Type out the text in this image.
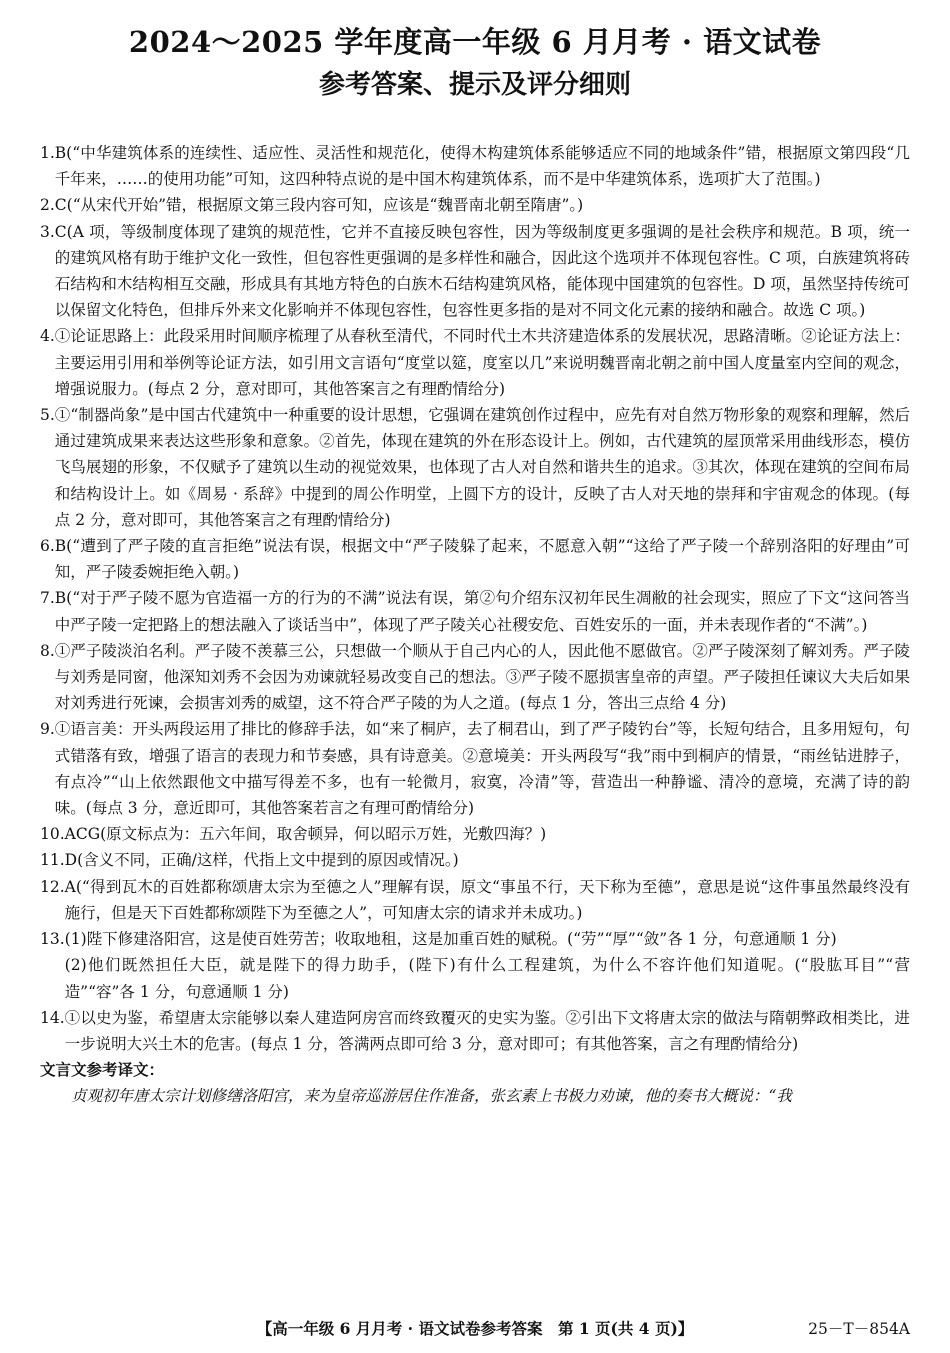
2024～2025 学年度高一年级 6 月月考 · 语文试卷
参考答案、提示及评分细则
1. B(“中华建筑体系的连续性、适应性、灵活性和规范化，使得木构建筑体系能够适应不同的地域条件”错，根据原文第四段“几千年来，……的使用功能”可知，这四种特点说的是中国木构建筑体系，而不是中华建筑体系，选项扩大了范围。)
2. C(“从宋代开始”错，根据原文第三段内容可知，应该是“魏晋南北朝至隋唐”。)
3. C(A 项，等级制度体现了建筑的规范性，它并不直接反映包容性，因为等级制度更多强调的是社会秩序和规范。B 项，统一的建筑风格有助于维护文化一致性，但包容性更强调的是多样性和融合，因此这个选项并不体现包容性。C 项，白族建筑将砖石结构和木结构相互交融，形成具有其地方特色的白族木石结构建筑风格，能体现中国建筑的包容性。D 项，虽然坚持传统可以保留文化特色，但排斥外来文化影响并不体现包容性，包容性更多指的是对不同文化元素的接纳和融合。故选 C 项。)
4. ①论证思路上：此段采用时间顺序梳理了从春秋至清代，不同时代土木共济建造体系的发展状况，思路清晰。②论证方法上：主要运用引用和举例等论证方法，如引用文言语句“度堂以筵，度室以几”来说明魏晋南北朝之前中国人度量室内空间的观念，增强说服力。(每点 2 分，意对即可，其他答案言之有理酌情给分)
5. ①“制器尚象”是中国古代建筑中一种重要的设计思想，它强调在建筑创作过程中，应先有对自然万物形象的观察和理解，然后通过建筑成果来表达这些形象和意象。②首先，体现在建筑的外在形态设计上。例如，古代建筑的屋顶常采用曲线形态，模仿飞鸟展翅的形象，不仅赋予了建筑以生动的视觉效果，也体现了古人对自然和谐共生的追求。③其次，体现在建筑的空间布局和结构设计上。如《周易 · 系辞》中提到的周公作明堂，上圆下方的设计，反映了古人对天地的崇拜和宇宙观念的体现。(每点 2 分，意对即可，其他答案言之有理酌情给分)
6. B(“遭到了严子陵的直言拒绝”说法有误，根据文中“严子陵躲了起来，不愿意入朝”“这给了严子陵一个辞别洛阳的好理由”可知，严子陵委婉拒绝入朝。)
7. B(“对于严子陵不愿为官造福一方的行为的不满”说法有误，第②句介绍东汉初年民生凋敝的社会现实，照应了下文“这问答当中严子陵一定把路上的想法融入了谈话当中”，体现了严子陵关心社稷安危、百姓安乐的一面，并未表现作者的“不满”。)
8. ①严子陵淡泊名利。严子陵不羡慕三公，只想做一个顺从于自己内心的人，因此他不愿做官。②严子陵深刻了解刘秀。严子陵与刘秀是同窗，他深知刘秀不会因为劝谏就轻易改变自己的想法。③严子陵不愿损害皇帝的声望。严子陵担任谏议大夫后如果对刘秀进行死谏，会损害刘秀的威望，这不符合严子陵的为人之道。(每点 1 分，答出三点给 4 分)
9. ①语言美：开头两段运用了排比的修辞手法，如“来了桐庐，去了桐君山，到了严子陵钓台”等，长短句结合，且多用短句，句式错落有致，增强了语言的表现力和节奏感，具有诗意美。②意境美：开头两段写“我”雨中到桐庐的情景，“雨丝钻进脖子，有点冷”“山上依然跟他文中描写得差不多，也有一轮微月，寂寞，冷清”等，营造出一种静谧、清冷的意境，充满了诗的韵味。(每点 3 分，意近即可，其他答案若言之有理可酌情给分)
10. ACG(原文标点为：五六年间，取舍顿异，何以昭示万姓，光敷四海？)
11. D(含义不同，正确/这样，代指上文中提到的原因或情况。)
12. A(“得到瓦木的百姓都称颂唐太宗为至德之人”理解有误，原文“事虽不行，天下称为至德”，意思是说“这件事虽然最终没有施行，但是天下百姓都称颂陛下为至德之人”，可知唐太宗的请求并未成功。)
13. (1)陛下修建洛阳宫，这是使百姓劳苦；收取地租，这是加重百姓的赋税。(“劳”“厚”“敛”各 1 分，句意通顺 1 分)
(2)他们既然担任大臣，就是陛下的得力助手，(陛下)有什么工程建筑，为什么不容许他们知道呢。(“股肱耳目”“营造”“容”各 1 分，句意通顺 1 分)
14. ①以史为鉴，希望唐太宗能够以秦人建造阿房宫而终致覆灭的史实为鉴。②引出下文将唐太宗的做法与隋朝弊政相类比，进一步说明大兴土木的危害。(每点 1 分，答满两点即可给 3 分，意对即可；有其他答案，言之有理酌情给分)
文言文参考译文：
贞观初年唐太宗计划修缮洛阳宫，来为皇帝巡游居住作准备，张玄素上书极力劝谏，他的奏书大概说：“我
【高一年级 6 月月考 · 语文试卷参考答案　第 1 页(共 4 页)】	25－T－854A
